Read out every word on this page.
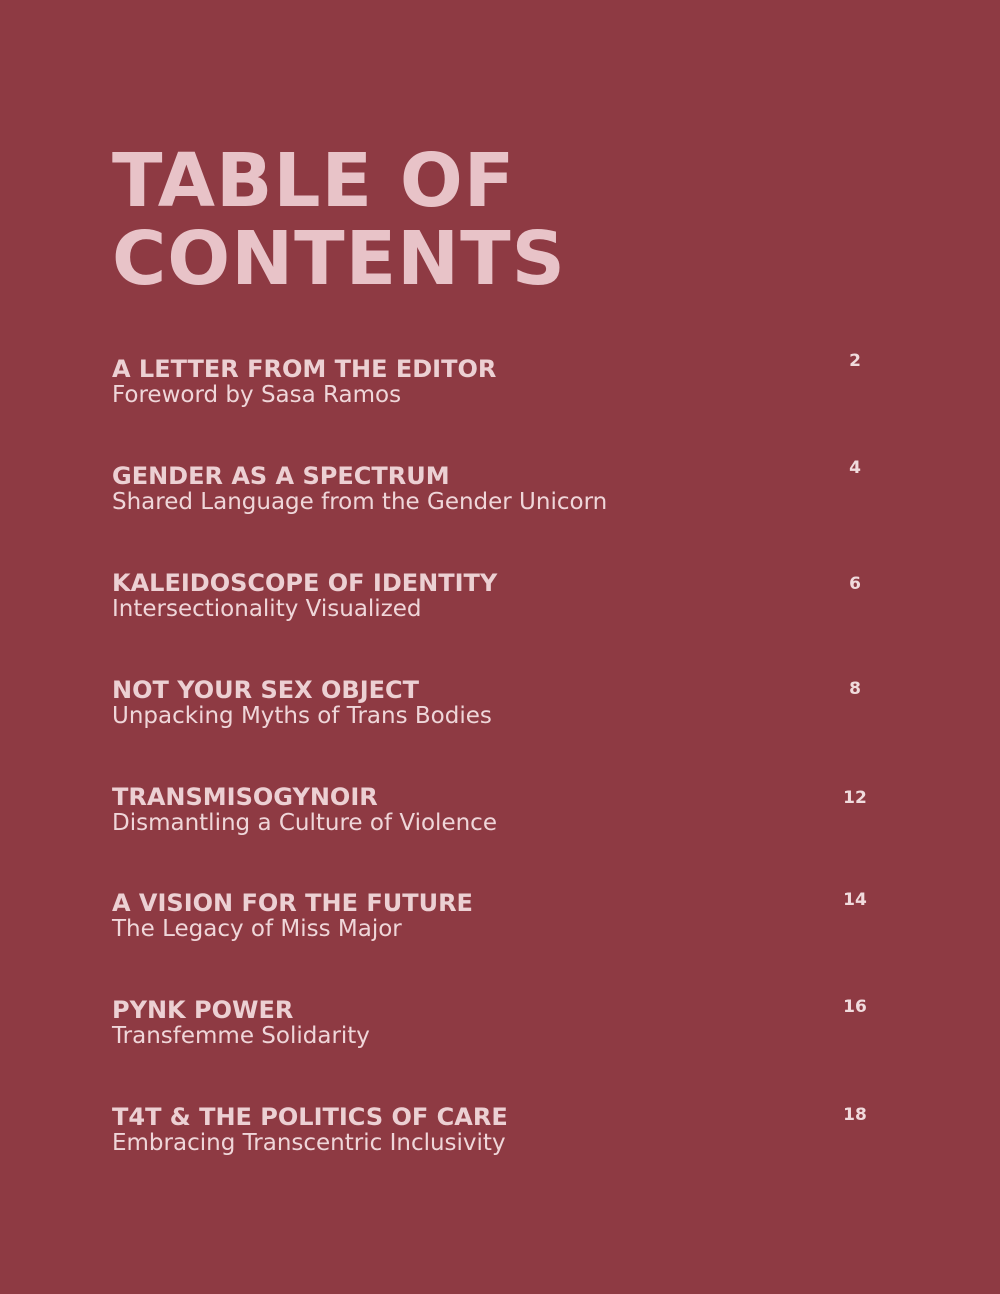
TABLE OF
CONTENTS
A LETTER FROM THE EDITOR
Foreword by Sasa Ramos
2
GENDER AS A SPECTRUM
Shared Language from the Gender Unicorn
4
KALEIDOSCOPE OF IDENTITY
Intersectionality Visualized
6
NOT YOUR SEX OBJECT
Unpacking Myths of Trans Bodies
8
TRANSMISOGYNOIR
Dismantling a Culture of Violence
12
A VISION FOR THE FUTURE
The Legacy of Miss Major
14
PYNK POWER
Transfemme Solidarity
16
T4T & THE POLITICS OF CARE
Embracing Transcentric Inclusivity
18
